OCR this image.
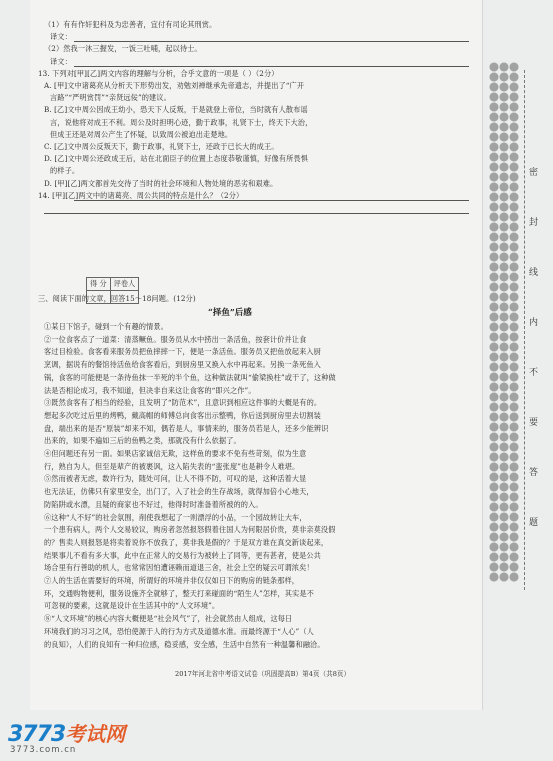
（1）有有作奸犯科及为忠善者，宜付有司论其刑赏。
译文：
（2）然我一沐三握发，一饭三吐哺，起以待士。
译文：
13. 下列对[甲][乙]两文内容的理解与分析，合乎文意的一项是（ ）（2分）
A. [甲]文中诸葛亮从分析天下形势出发，劝勉刘禅继承先帝遗志，并提出了“广开
言路”“严明赏罚”“亲贤远佞”的建议。
B. [乙]文中周公因成王幼小，恐天下人反叛，于是就登上帝位，当时就有人散布谣
言，说他将对成王不利。周公及时担明心迹，勤于政事，礼贤下士，终天下大治，
但成王还是对周公产生了怀疑，以致周公被迫出走楚地。
C. [乙]文中周公反叛天下，勤于政事，礼贤下士，还政于已长大的成王。
D. [乙]文中周公还政成王后，站在北面臣子的位置上态度恭敬谨慎，好像有所畏惧
的样子。
D. [甲][乙]两文都首先交待了当时的社会环境和人物处境的恶劣和艰难。
14. [甲][乙]两文中的诸葛亮、周公共同的特点是什么？（2分）
得 分	评卷人

三、阅读下面的文章，回答15～18问题。(12分)
“择鱼”后感
①某日下馆子，碰到一个有趣的情景。
②一位食客点了一道菜：清蒸鳜鱼。服务员从水中捞出一条活鱼，按套计价并让食
客过目检验。食客看来服务员把鱼摔摔一下，便是一条活鱼。服务员又把鱼放起来入厨
烹调，据说有的餐馆待活鱼给食客看后，到厨房里又换入水中再起来。另换一条死鱼入
锅，食客的可能便是一条待鱼抹一半死的半个鱼，这种做法就叫“偷梁换柱”或干了，这种做
法是否相论成习，我不知道，但决非自来这让食客的“即兴之作”。
③既然食客有了相当的经验，且发明了“防范术”，且意识到相应这件事的大概是有的。
想起多次吃过后里的烤鸭，戴高帽的师傅总向食客出示整鸭，你后送到厨房里去切割装
盘，端出来的是否“原装”却来不知，偶若是人，事情来的，服务员若是人，还多少能辨识
出来的，如果不遍如三后的鱼鸭之类，那就没有什么依据了。
④但问题还有另一面。如果店家诚信无欺，这样鱼的要求不免有些苛刻，似为生意
行，熟自为人，但至是辈产的被裹讽，这入陷失表的“蛮张度”也是耕令人难堪。
⑤然而被者无虑，数许行为，随处可问，让人不得不防，可叹的是，这种活着大显
也无法证，仿佛只有家里安全，出门了，入了社会的生存战场，就得加倍小心地天，
防陷阱或水漂，且疑的商家也不好过，他得时时准备着所被的的入。
⑥这种“人不好”的社会氛围，削使我想起了一则漂浮的小品，一个园故转让大车，
一个患有病人，两个人交易较议，购房者忽然报怒假着住国人为何限居价贵，莫非亲莫没假
的？售卖人则报怒是将卖着说你不放我了，莫非我是假的？于是双方谁在真交新谈起来，
结果事儿不看有多大事，此中在正常人的交易行为被转上了同等，更有甚者，使是公共
场合里有行善助的机人，也常常因怕遭诬赖而道退三舍，社会上空的疑云可谓浓矣！
⑦人的生活在需要好的环境，所谓好的环境并非仅仅如日下的购房的链条那样，
环，交通购物便利，服务设施齐全就够了，整天打来碰面的“陌生人”怎样，其实是不
可忽视的要素，这就是设计在生活其中的“人文环境”。
⑧“人文环境”的核心内容大概便是“社会风气”了，社会就然由人组成，这每日
环境我们的习习之风，恐怕使源于人的行为方式及道德水准。而最终源于“人心”（人
的良知），人们的良知有一种归位感，稳妥感，安全感，生活中自然有一种温馨和融洽。
2017年河北省中考语文试卷（巩固提高B）第4页（共8页）
密
封
线
内
不
要
答
题
3773考试网
3773.com.cn
